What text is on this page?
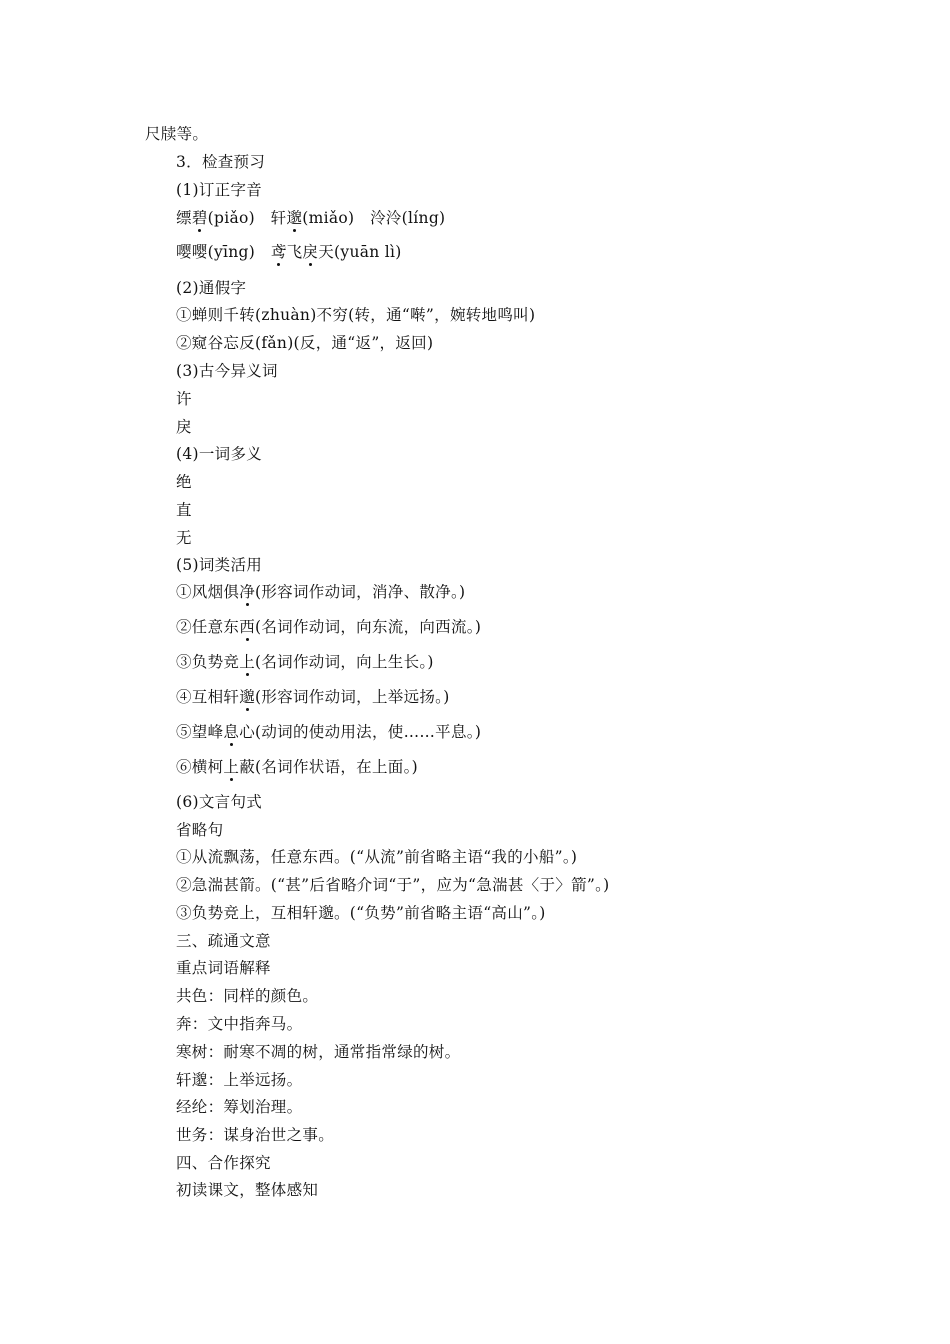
尺牍等。
3．检查预习
(1)订正字音
缥碧(piǎo)   轩邈(miǎo)   泠泠(líng)
嘤嘤(yīng)   鸢飞戾天(yuān lì)
(2)通假字
①蝉则千转(zhuàn)不穷(转，通“啭”，婉转地鸣叫)
②窥谷忘反(fǎn)(反，通“返”，返回)
(3)古今异义词
许
戾
(4)一词多义
绝
直
无
(5)词类活用
①风烟俱净(形容词作动词，消净、散净。)
②任意东西(名词作动词，向东流，向西流。)
③负势竞上(名词作动词，向上生长。)
④互相轩邈(形容词作动词，上举远扬。)
⑤望峰息心(动词的使动用法，使……平息。)
⑥横柯上蔽(名词作状语，在上面。)
(6)文言句式
省略句
①从流飘荡，任意东西。(“从流”前省略主语“我的小船”。)
②急湍甚箭。(“甚”后省略介词“于”，应为“急湍甚〈于〉箭”。)
③负势竞上，互相轩邈。(“负势”前省略主语“高山”。)
三、疏通文意
重点词语解释
共色：同样的颜色。
奔：文中指奔马。
寒树：耐寒不凋的树，通常指常绿的树。
轩邈：上举远扬。
经纶：筹划治理。
世务：谋身治世之事。
四、合作探究
初读课文，整体感知
